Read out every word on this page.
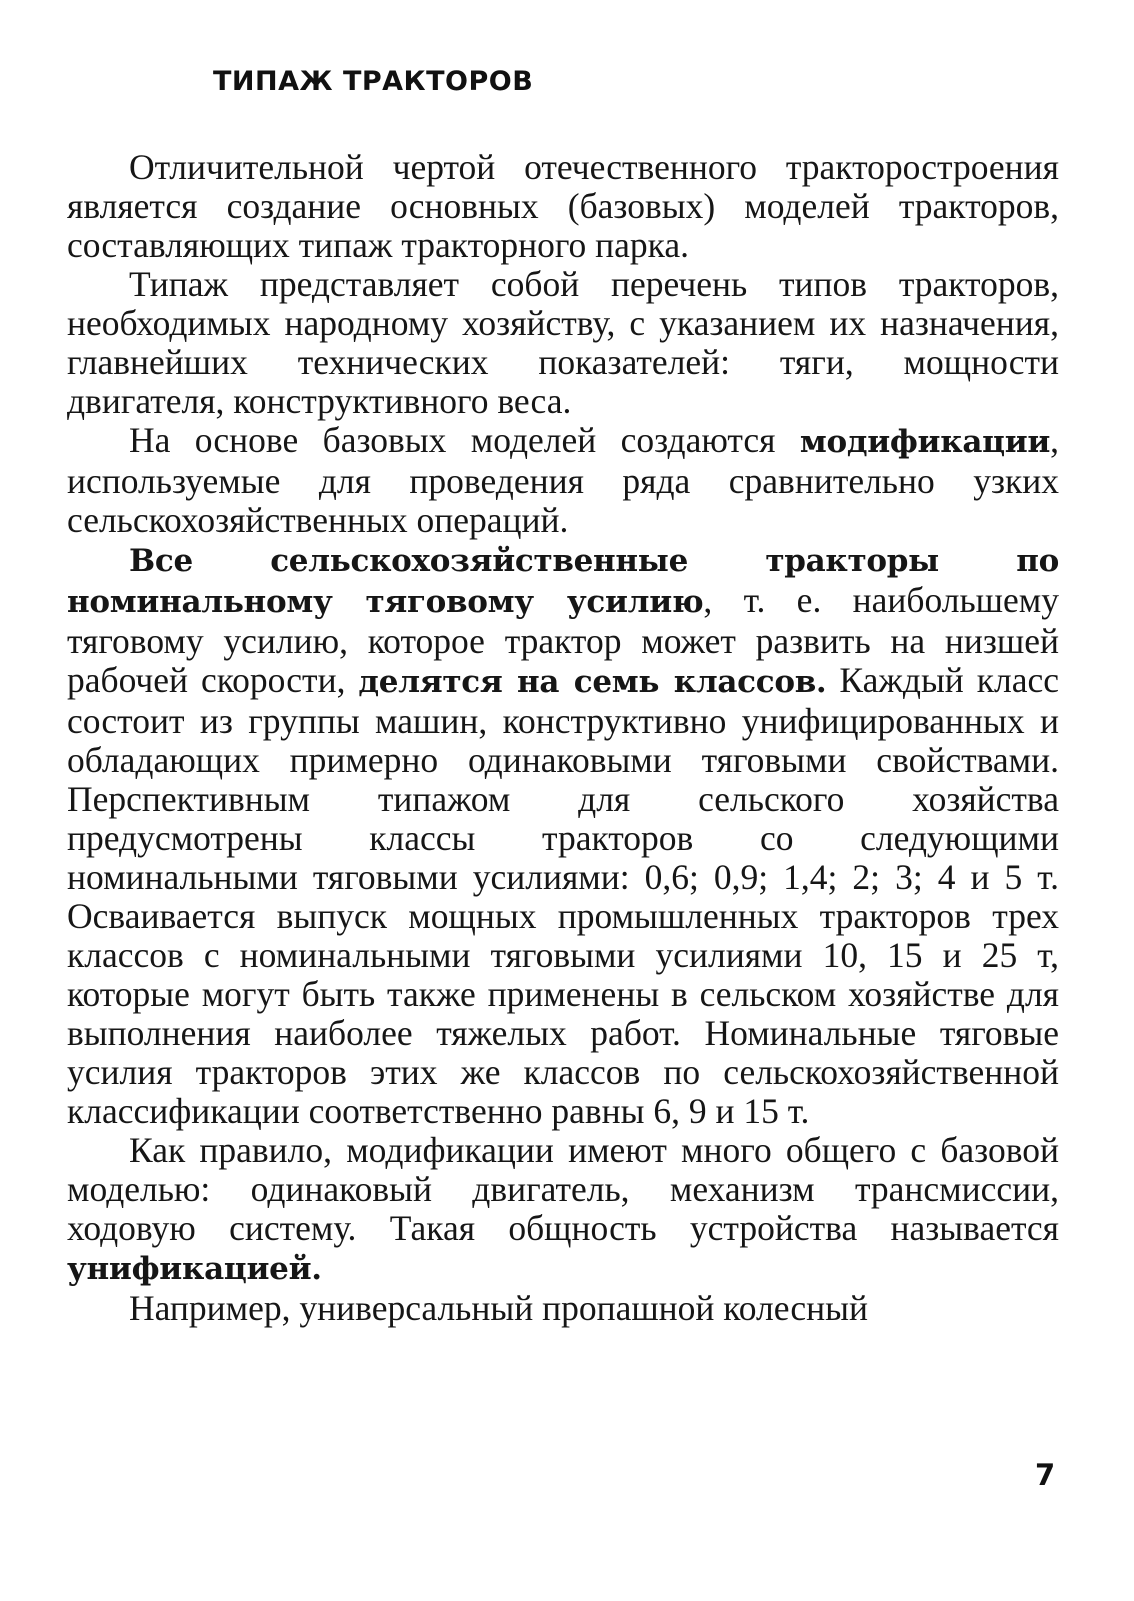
ТИПАЖ ТРАКТОРОВ

Отличительной чертой отечественного тракторостроения является создание основных (базовых) моделей тракторов, составляющих типаж тракторного парка.

Типаж представляет собой перечень типов тракторов, необходимых народному хозяйству, с указанием их назначения, главнейших технических показателей: тяги, мощности двигателя, конструктивного веса.

На основе базовых моделей создаются модификации, используемые для проведения ряда сравнительно узких сельскохозяйственных операций.

Все сельскохозяйственные тракторы по номинальному тяговому усилию, т. е. наибольшему тяговому усилию, которое трактор может развить на низшей рабочей скорости, делятся на семь классов. Каждый класс состоит из группы машин, конструктивно унифицированных и обладающих примерно одинаковыми тяговыми свойствами. Перспективным типажом для сельского хозяйства предусмотрены классы тракторов со следующими номинальными тяговыми усилиями: 0,6; 0,9; 1,4; 2; 3; 4 и 5 т. Осваивается выпуск мощных промышленных тракторов трех классов с номинальными тяговыми усилиями 10, 15 и 25 т, которые могут быть также применены в сельском хозяйстве для выполнения наиболее тяжелых работ. Номинальные тяговые усилия тракторов этих же классов по сельскохозяйственной классификации соответственно равны 6, 9 и 15 т.

Как правило, модификации имеют много общего с базовой моделью: одинаковый двигатель, механизм трансмиссии, ходовую систему. Такая общность устройства называется унификацией.

Например, универсальный пропашной колесный

7
